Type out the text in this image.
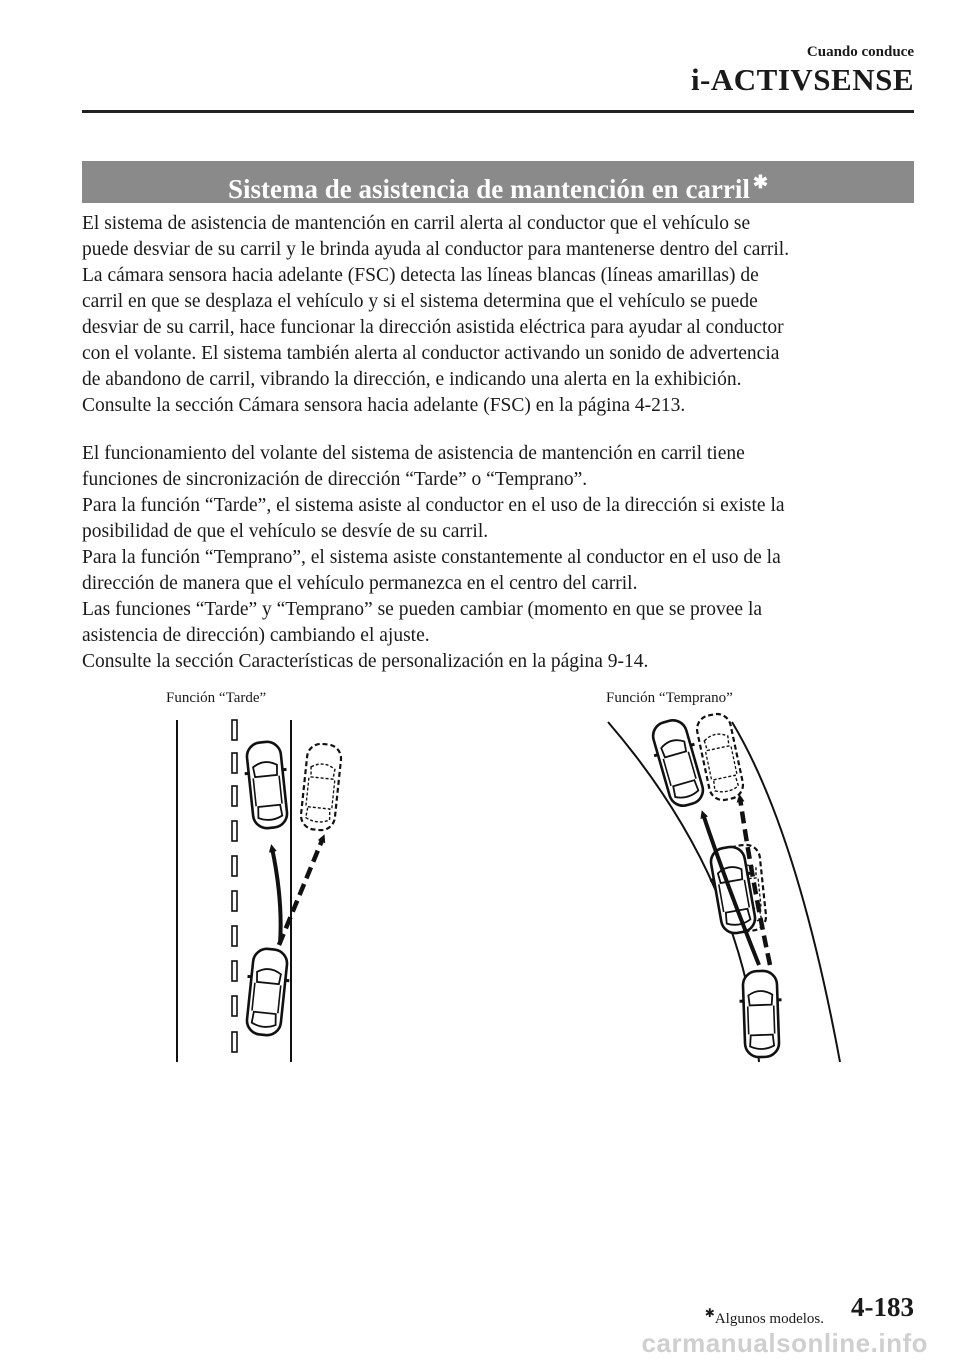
Cuando conduce
i-ACTIVSENSE
Sistema de asistencia de mantención en carril ✱

El sistema de asistencia de mantención en carril alerta al conductor que el vehículo se

puede desviar de su carril y le brinda ayuda al conductor para mantenerse dentro del carril.

La cámara sensora hacia adelante (FSC) detecta las líneas blancas (líneas amarillas) de

carril en que se desplaza el vehículo y si el sistema determina que el vehículo se puede

desviar de su carril, hace funcionar la dirección asistida eléctrica para ayudar al conductor

con el volante. El sistema también alerta al conductor activando un sonido de advertencia

de abandono de carril, vibrando la dirección, e indicando una alerta en la exhibición.

Consulte la sección Cámara sensora hacia adelante (FSC) en la página 4-213.

El funcionamiento del volante del sistema de asistencia de mantención en carril tiene

funciones de sincronización de dirección “Tarde” o “Temprano”.

Para la función “Tarde”, el sistema asiste al conductor en el uso de la dirección si existe la

posibilidad de que el vehículo se desvíe de su carril.

Para la función “Temprano”, el sistema asiste constantemente al conductor en el uso de la

dirección de manera que el vehículo permanezca en el centro del carril.

Las funciones “Tarde” y “Temprano” se pueden cambiar (momento en que se provee la

asistencia de dirección) cambiando el ajuste.

Consulte la sección Características de personalización en la página 9-14.

Función “Tarde”	Función “Temprano”
✱Algunos modelos. 4-183
carmanualsonline.info
